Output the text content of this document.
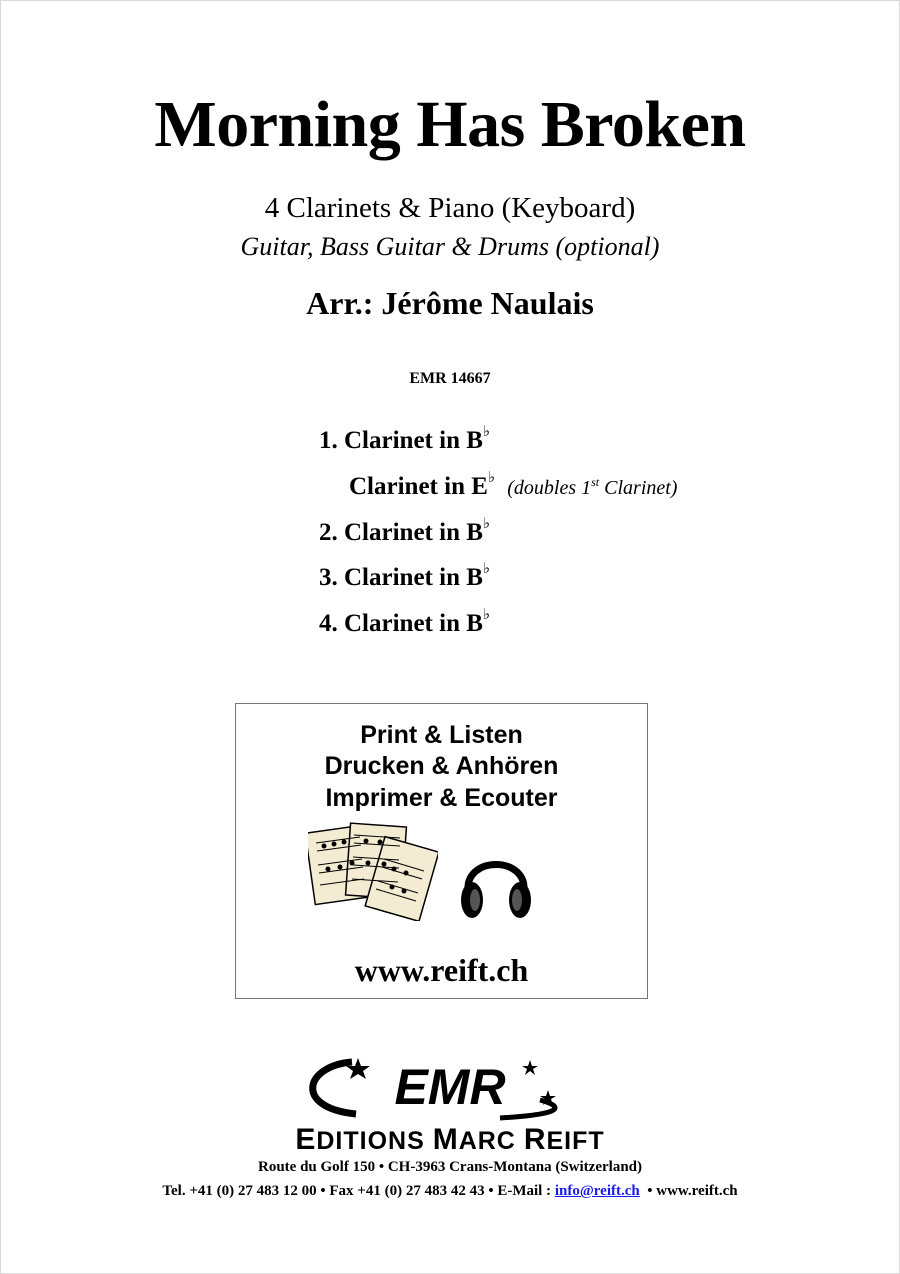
Morning Has Broken
4 Clarinets & Piano (Keyboard)
Guitar, Bass Guitar & Drums (optional)
Arr.: Jérôme Naulais
EMR 14667
1. Clarinet in B♭
Clarinet in E♭ (doubles 1st Clarinet)
2. Clarinet in B♭
3. Clarinet in B♭
4. Clarinet in B♭
Print & Listen
Drucken & Anhören
Imprimer & Ecouter
www.reift.ch
EMR
EDITIONS MARC REIFT
Route du Golf 150 • CH-3963 Crans-Montana (Switzerland)
Tel. +41 (0) 27 483 12 00 • Fax +41 (0) 27 483 42 43 • E-Mail : info@reift.ch  • www.reift.ch
